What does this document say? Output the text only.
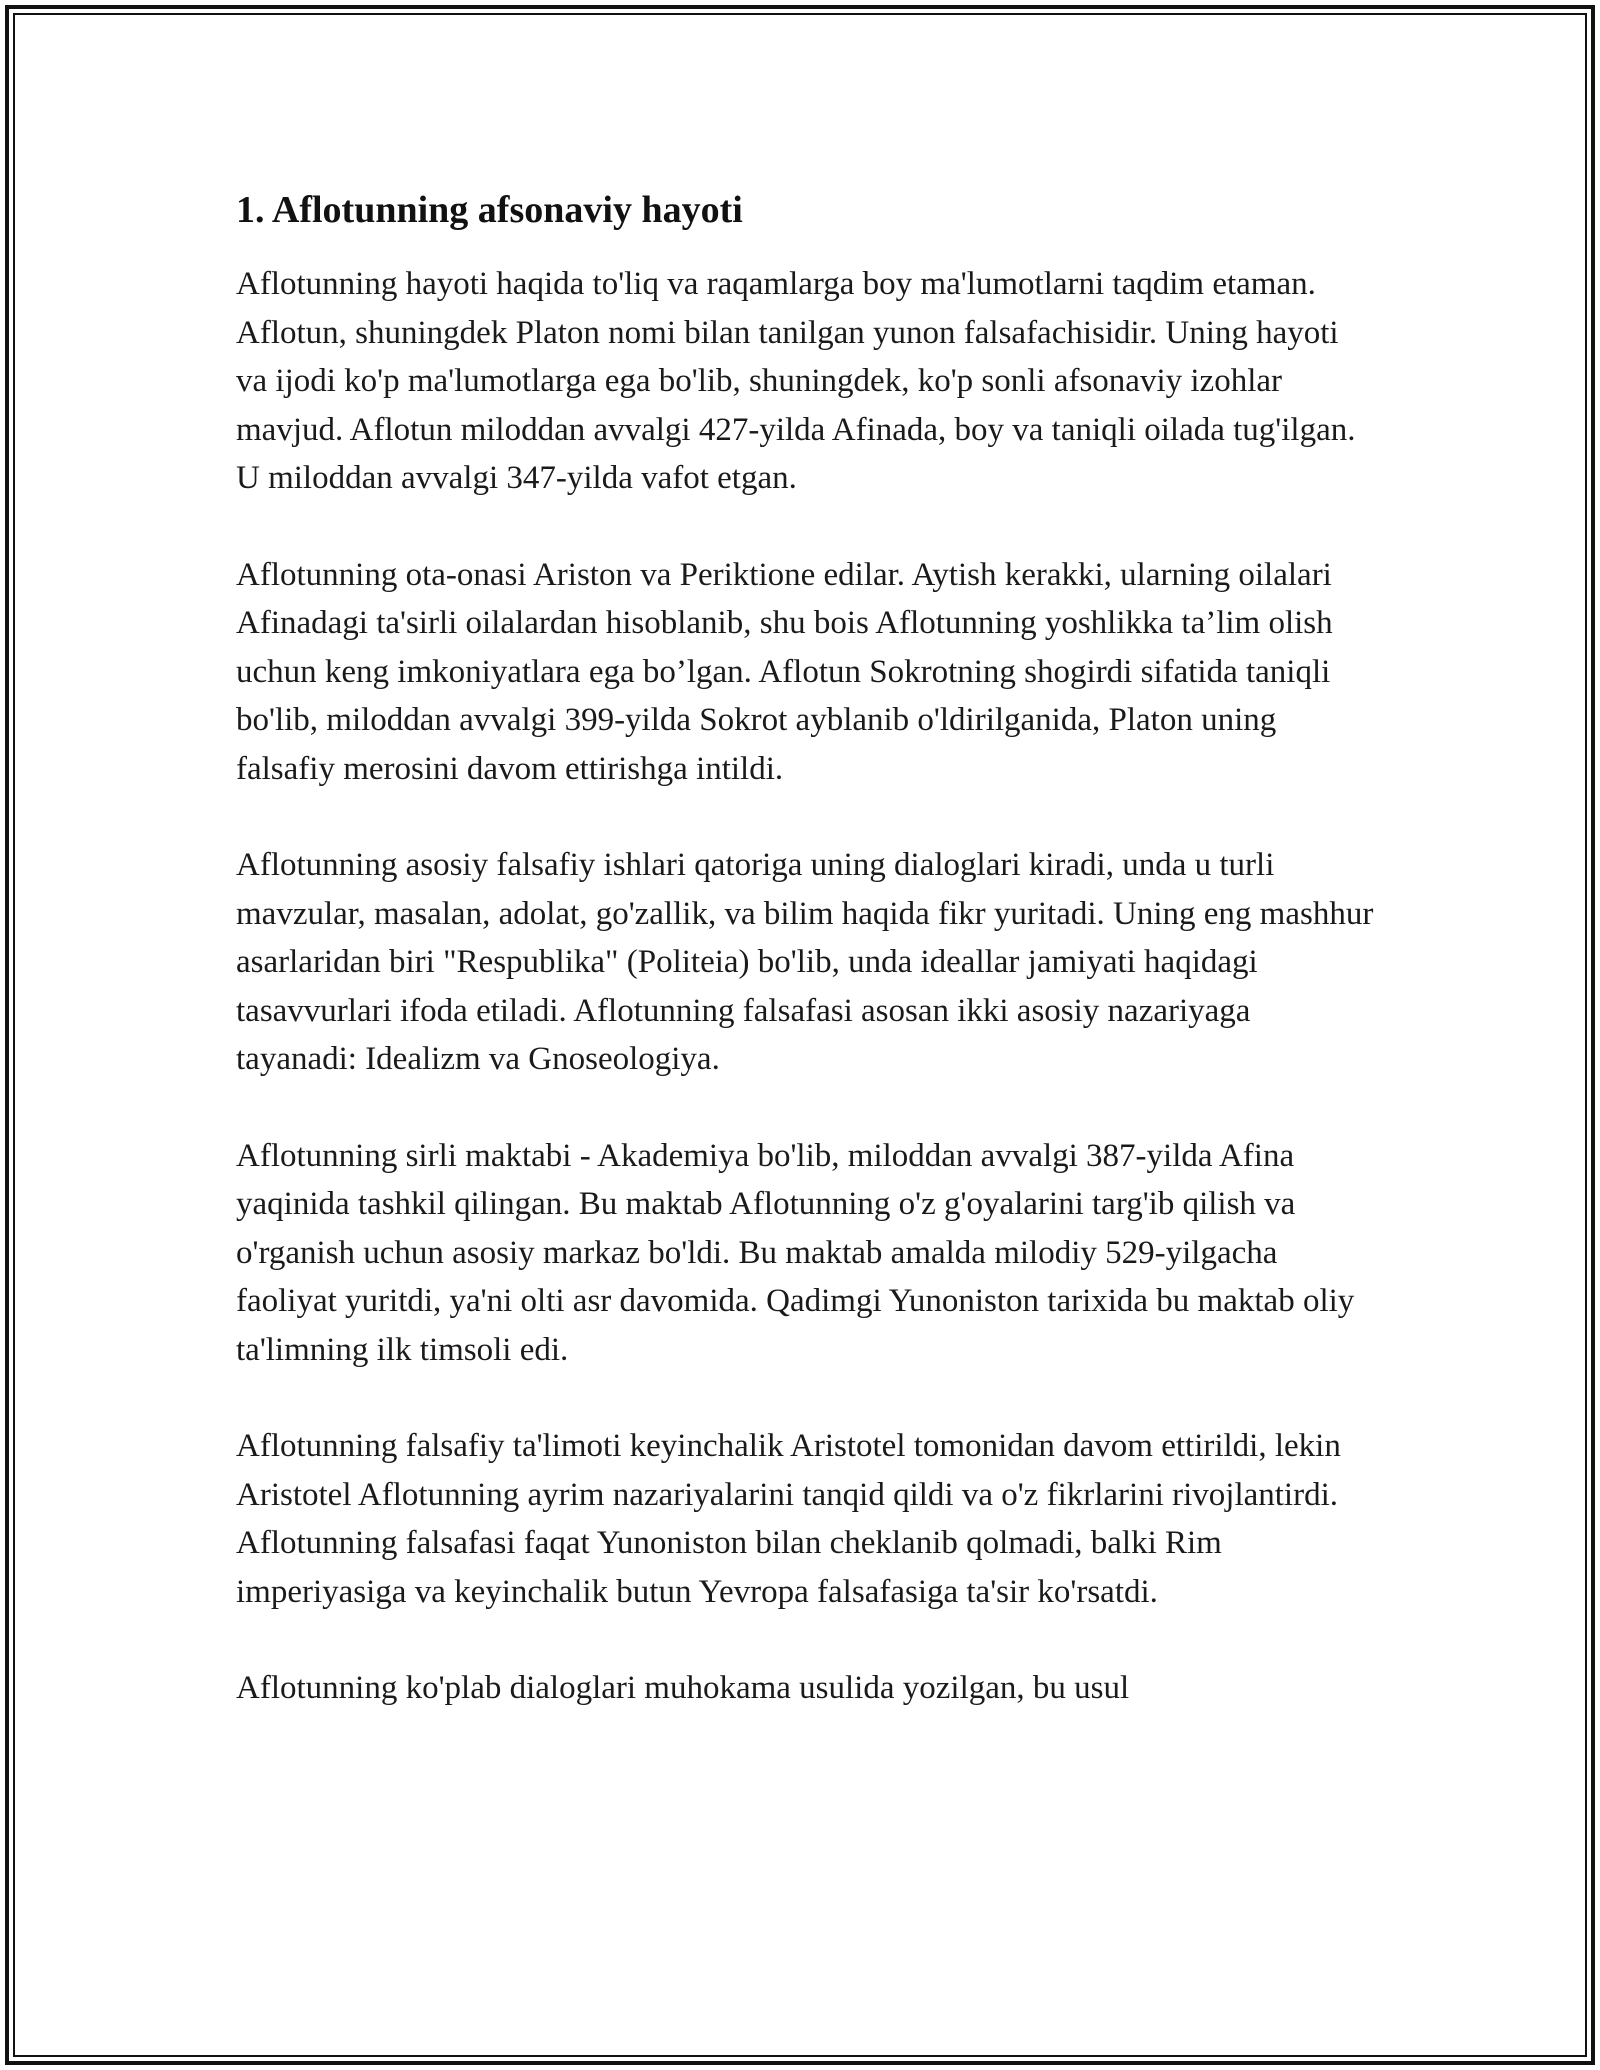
1. Aflotunning afsonaviy hayoti

Aflotunning hayoti haqida to'liq va raqamlarga boy ma'lumotlarni taqdim etaman. Aflotun, shuningdek Platon nomi bilan tanilgan yunon falsafachisidir. Uning hayoti va ijodi ko'p ma'lumotlarga ega bo'lib, shuningdek, ko'p sonli afsonaviy izohlar mavjud. Aflotun miloddan avvalgi 427-yilda Afinada, boy va taniqli oilada tug'ilgan. U miloddan avvalgi 347-yilda vafot etgan.

Aflotunning ota-onasi Ariston va Periktione edilar. Aytish kerakki, ularning oilalari Afinadagi ta'sirli oilalardan hisoblanib, shu bois Aflotunning yoshlikka ta’lim olish uchun keng imkoniyatlara ega bo’lgan. Aflotun Sokrotning shogirdi sifatida taniqli bo'lib, miloddan avvalgi 399-yilda Sokrot ayblanib o'ldirilganida, Platon uning falsafiy merosini davom ettirishga intildi.

Aflotunning asosiy falsafiy ishlari qatoriga uning dialoglari kiradi, unda u turli mavzular, masalan, adolat, go'zallik, va bilim haqida fikr yuritadi. Uning eng mashhur asarlaridan biri "Respublika" (Politeia) bo'lib, unda ideallar jamiyati haqidagi tasavvurlari ifoda etiladi. Aflotunning falsafasi asosan ikki asosiy nazariyaga tayanadi: Idealizm va Gnoseologiya.

Aflotunning sirli maktabi - Akademiya bo'lib, miloddan avvalgi 387-yilda Afina yaqinida tashkil qilingan. Bu maktab Aflotunning o'z g'oyalarini targ'ib qilish va o'rganish uchun asosiy markaz bo'ldi. Bu maktab amalda milodiy 529-yilgacha faoliyat yuritdi, ya'ni olti asr davomida. Qadimgi Yunoniston tarixida bu maktab oliy ta'limning ilk timsoli edi.

Aflotunning falsafiy ta'limoti keyinchalik Aristotel tomonidan davom ettirildi, lekin Aristotel Aflotunning ayrim nazariyalarini tanqid qildi va o'z fikrlarini rivojlantirdi. Aflotunning falsafasi faqat Yunoniston bilan cheklanib qolmadi, balki Rim imperiyasiga va keyinchalik butun Yevropa falsafasiga ta'sir ko'rsatdi.

Aflotunning ko'plab dialoglari muhokama usulida yozilgan, bu usul
